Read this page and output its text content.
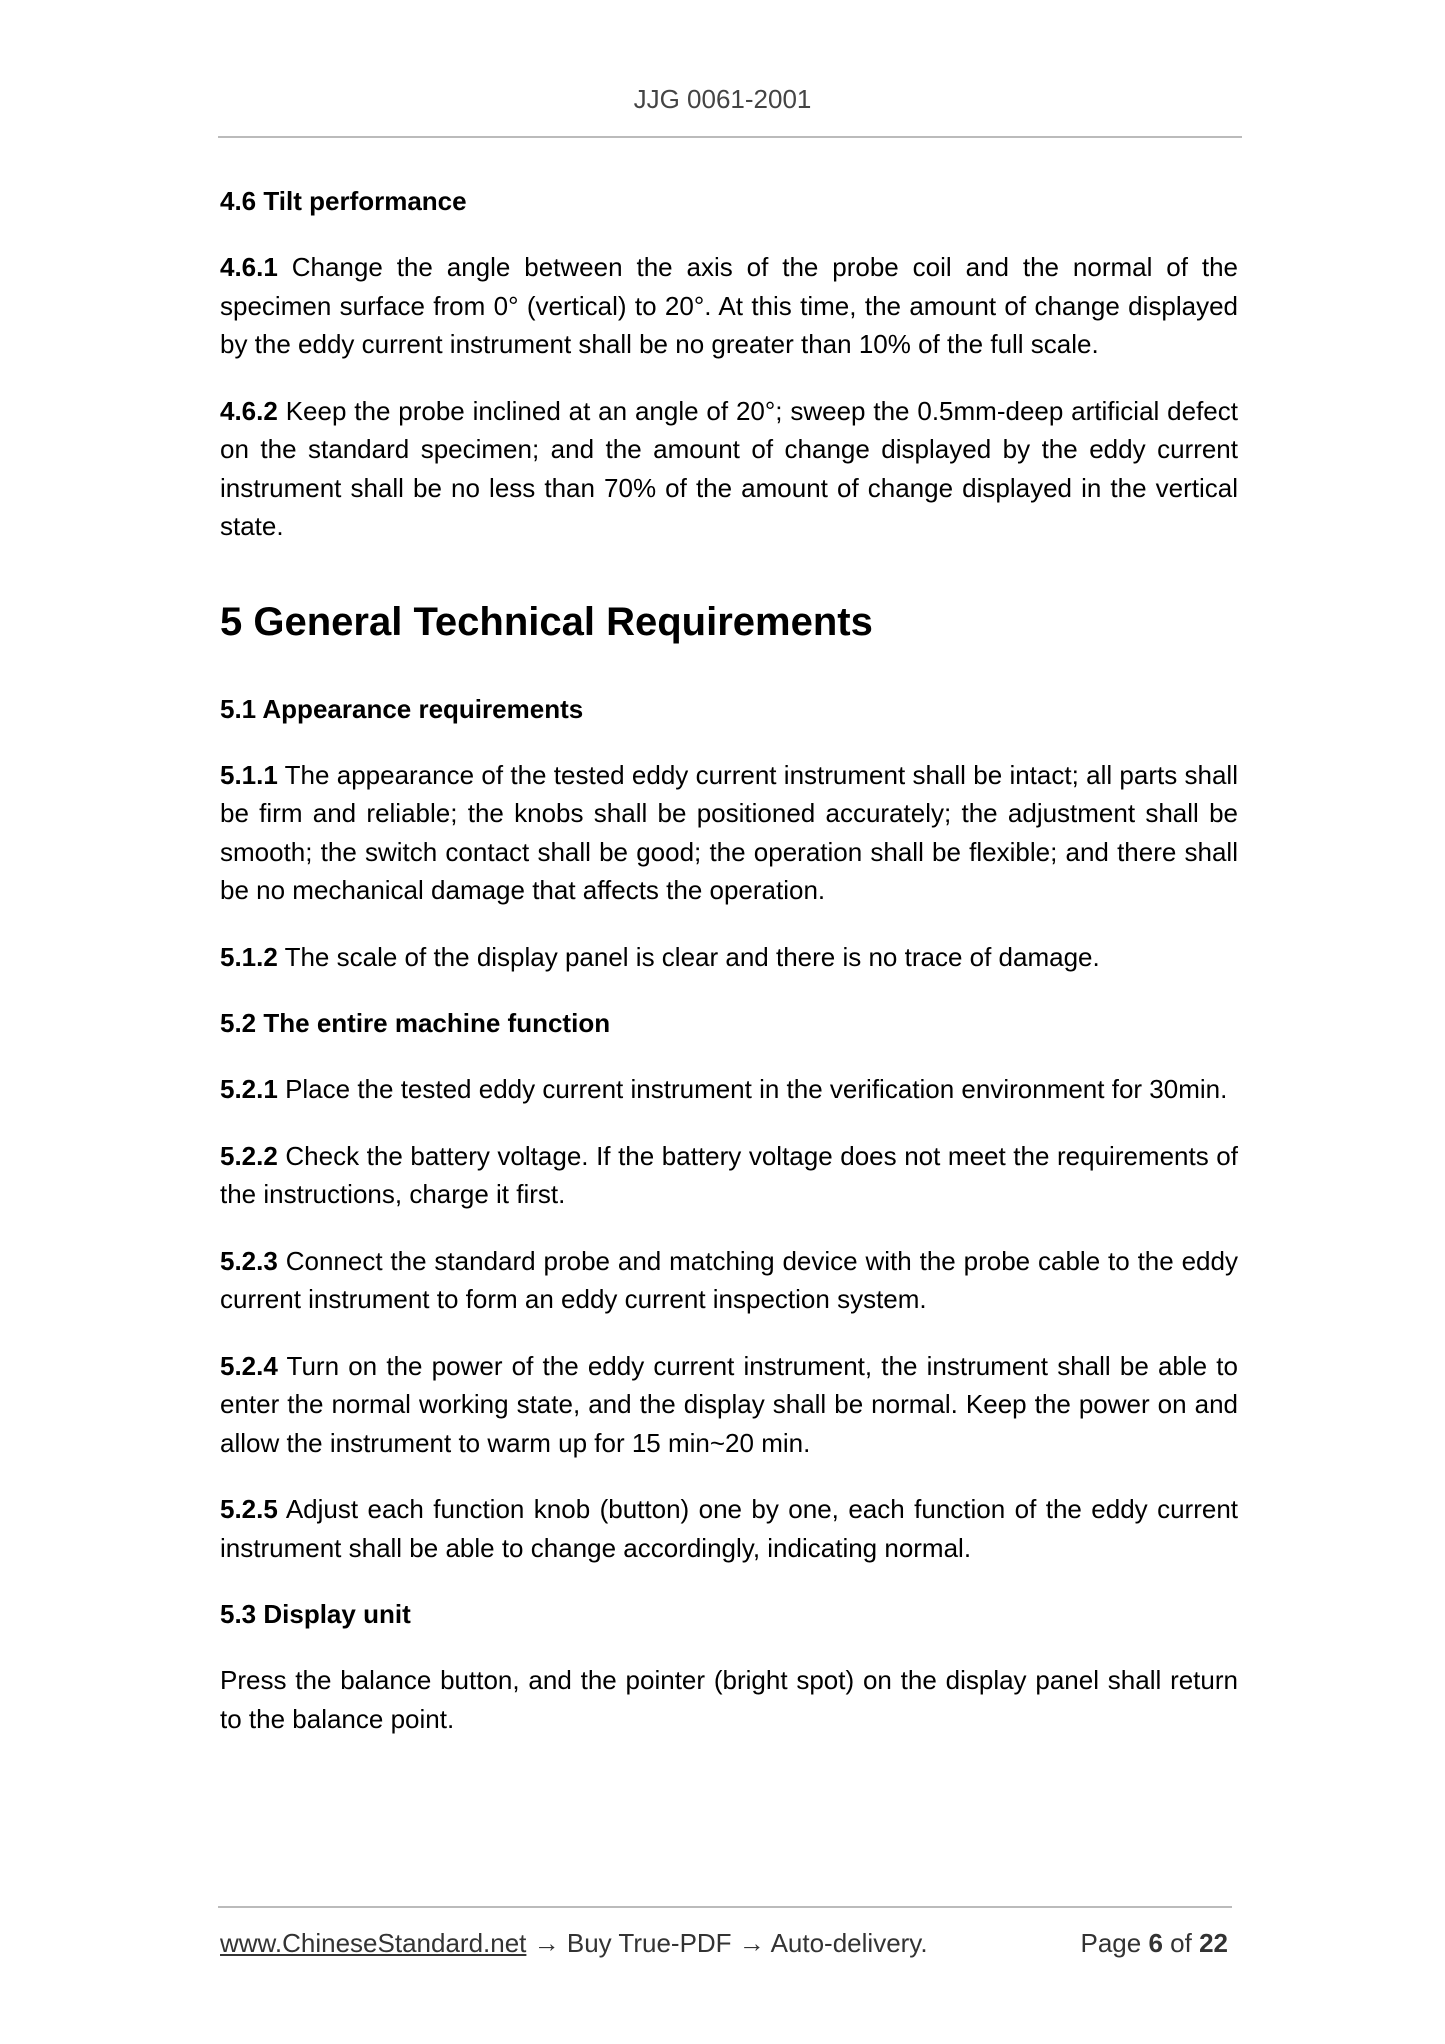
JJG 0061-2001
4.6 Tilt performance

4.6.1 Change the angle between the axis of the probe coil and the normal of the specimen surface from 0° (vertical) to 20°. At this time, the amount of change displayed by the eddy current instrument shall be no greater than 10% of the full scale.

4.6.2 Keep the probe inclined at an angle of 20°; sweep the 0.5mm-deep artificial defect on the standard specimen; and the amount of change displayed by the eddy current instrument shall be no less than 70% of the amount of change displayed in the vertical state.

5 General Technical Requirements
5.1 Appearance requirements

5.1.1 The appearance of the tested eddy current instrument shall be intact; all parts shall be firm and reliable; the knobs shall be positioned accurately; the adjustment shall be smooth; the switch contact shall be good; the operation shall be flexible; and there shall be no mechanical damage that affects the operation.

5.1.2 The scale of the display panel is clear and there is no trace of damage.

5.2 The entire machine function

5.2.1 Place the tested eddy current instrument in the verification environment for 30min.

5.2.2 Check the battery voltage. If the battery voltage does not meet the requirements of the instructions, charge it first.

5.2.3 Connect the standard probe and matching device with the probe cable to the eddy current instrument to form an eddy current inspection system.

5.2.4 Turn on the power of the eddy current instrument, the instrument shall be able to enter the normal working state, and the display shall be normal. Keep the power on and allow the instrument to warm up for 15 min~20 min.

5.2.5 Adjust each function knob (button) one by one, each function of the eddy current instrument shall be able to change accordingly, indicating normal.

5.3 Display unit

Press the balance button, and the pointer (bright spot) on the display panel shall return to the balance point.

www.ChineseStandard.net → Buy True-PDF → Auto-delivery.	Page 6 of 22
